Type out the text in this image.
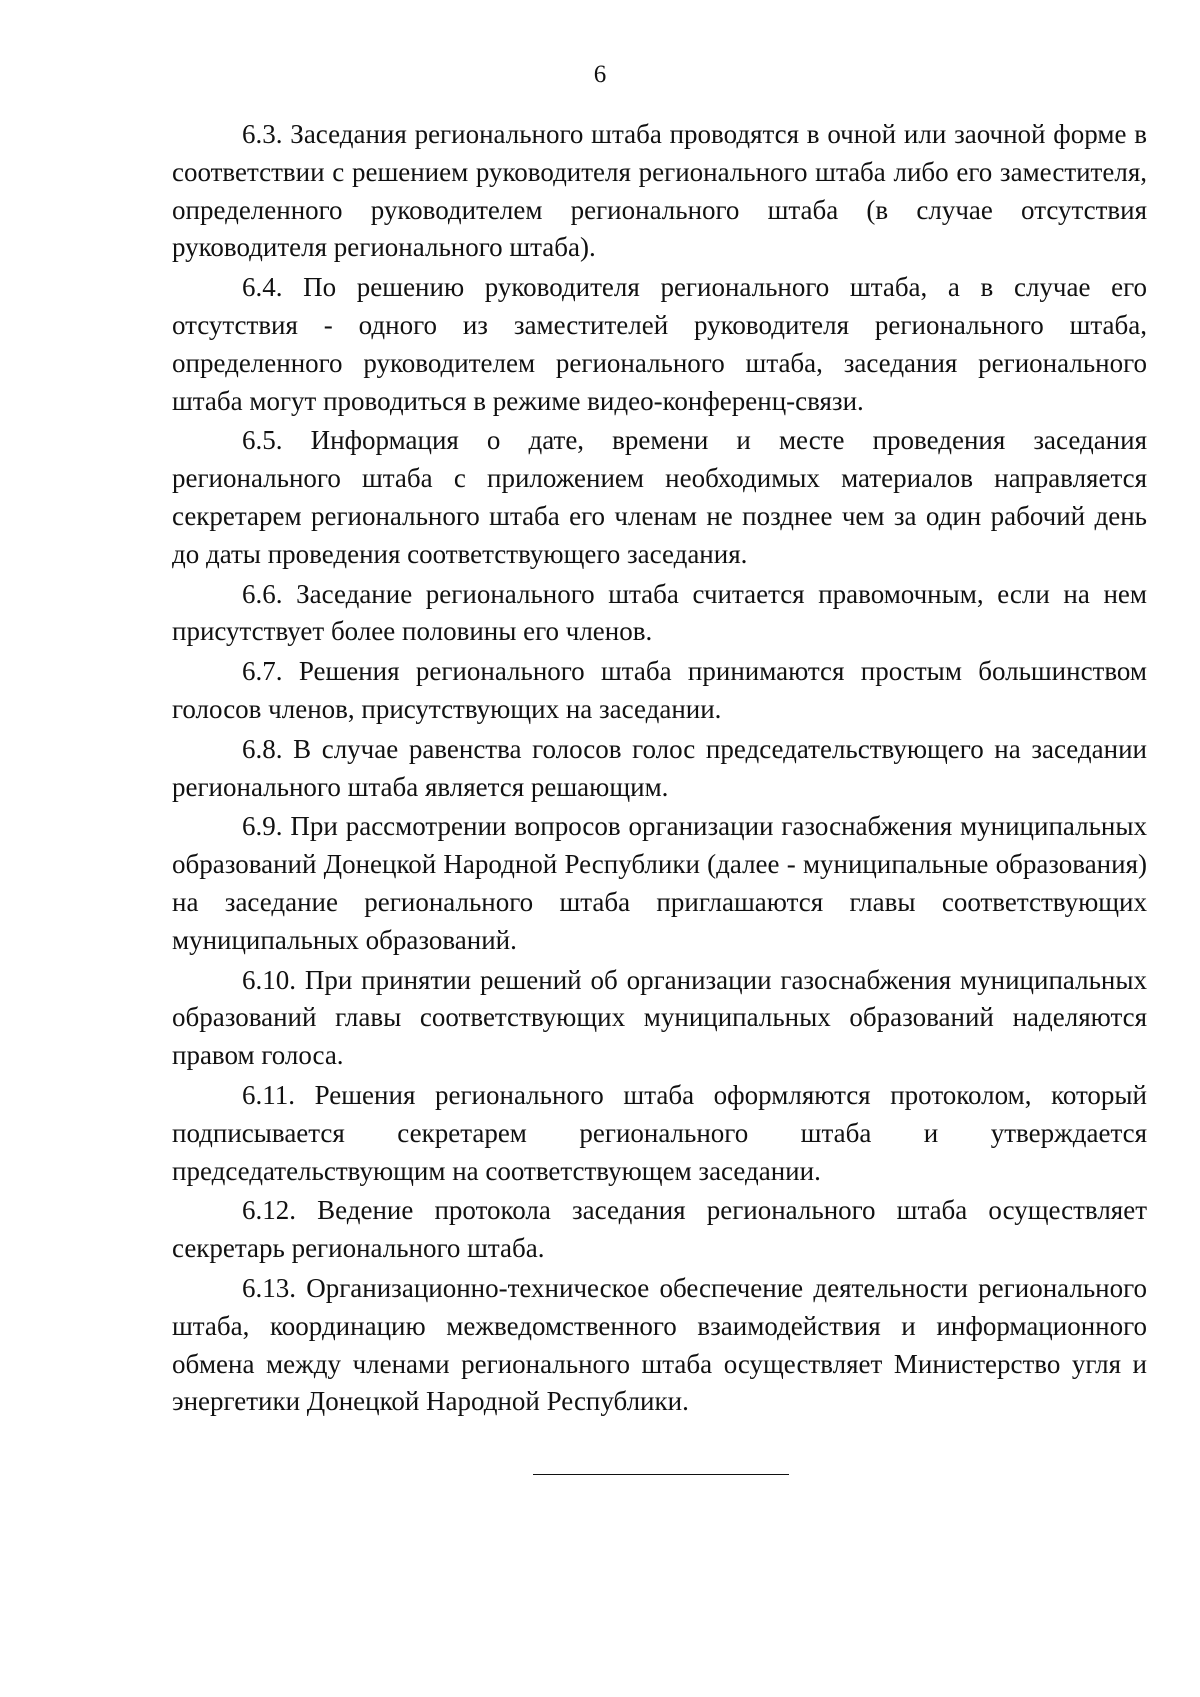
6

6.3. Заседания регионального штаба проводятся в очной или заочной форме в соответствии с решением руководителя регионального штаба либо его заместителя, определенного руководителем регионального штаба (в случае отсутствия руководителя регионального штаба).

6.4. По решению руководителя регионального штаба, а в случае его отсутствия - одного из заместителей руководителя регионального штаба, определенного руководителем регионального штаба, заседания регионального штаба могут проводиться в режиме видео-конференц-связи.

6.5. Информация о дате, времени и месте проведения заседания регионального штаба с приложением необходимых материалов направляется секретарем регионального штаба его членам не позднее чем за один рабочий день до даты проведения соответствующего заседания.

6.6. Заседание регионального штаба считается правомочным, если на нем присутствует более половины его членов.

6.7. Решения регионального штаба принимаются простым большинством голосов членов, присутствующих на заседании.

6.8. В случае равенства голосов голос председательствующего на заседании регионального штаба является решающим.

6.9. При рассмотрении вопросов организации газоснабжения муниципальных образований Донецкой Народной Республики (далее - муниципальные образования) на заседание регионального штаба приглашаются главы соответствующих муниципальных образований.

6.10. При принятии решений об организации газоснабжения муниципальных образований главы соответствующих муниципальных образований наделяются правом голоса.

6.11. Решения регионального штаба оформляются протоколом, который подписывается секретарем регионального штаба и утверждается председательствующим на соответствующем заседании.

6.12. Ведение протокола заседания регионального штаба осуществляет секретарь регионального штаба.

6.13. Организационно-техническое обеспечение деятельности регионального штаба, координацию межведомственного взаимодействия и информационного обмена между членами регионального штаба осуществляет Министерство угля и энергетики Донецкой Народной Республики.
